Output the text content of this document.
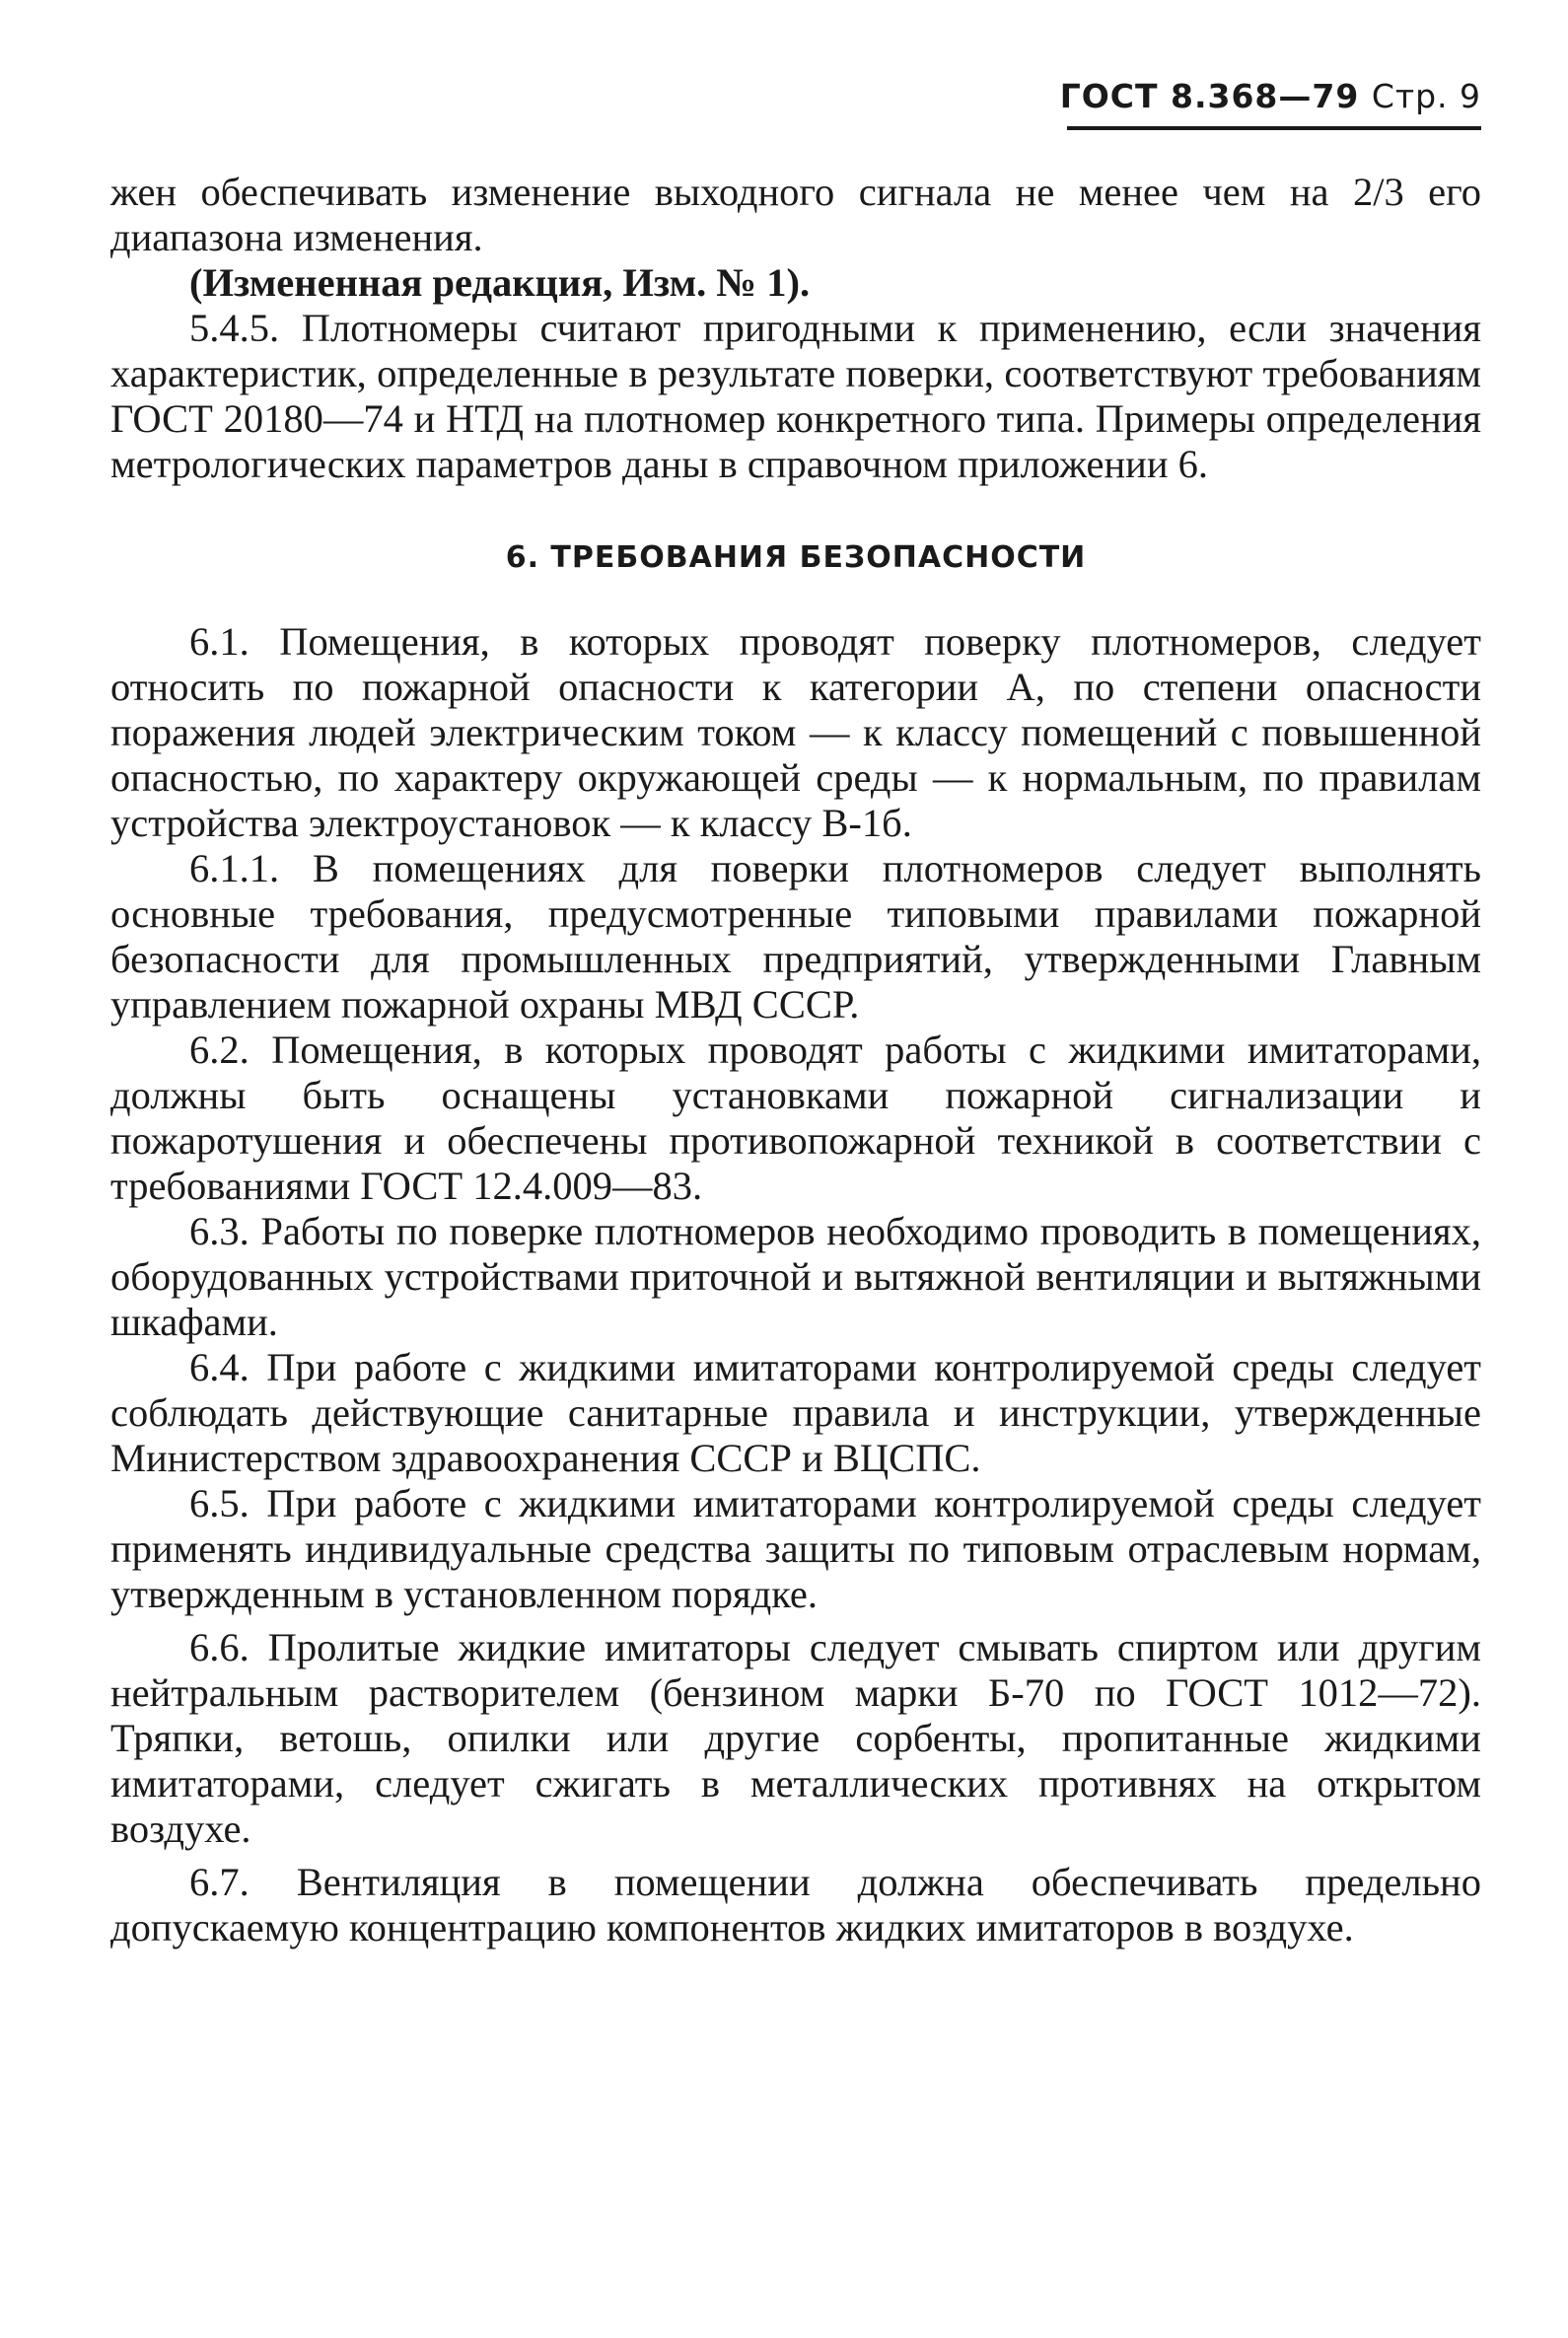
ГОСТ 8.368—79 Стр. 9

жен обеспечивать изменение выходного сигнала не менее чем на 2/3 его диапазона изменения.

(Измененная редакция, Изм. № 1).

5.4.5. Плотномеры считают пригодными к применению, если значения характеристик, определенные в результате поверки, соответствуют требованиям ГОСТ 20180—74 и НТД на плотномер конкретного типа. Примеры определения метрологических параметров даны в справочном приложении 6.

6. ТРЕБОВАНИЯ БЕЗОПАСНОСТИ

6.1. Помещения, в которых проводят поверку плотномеров, следует относить по пожарной опасности к категории А, по степени опасности поражения людей электрическим током — к классу помещений с повышенной опасностью, по характеру окружающей среды — к нормальным, по правилам устройства электроустановок — к классу В-1б.

6.1.1. В помещениях для поверки плотномеров следует выполнять основные требования, предусмотренные типовыми правилами пожарной безопасности для промышленных предприятий, утвержденными Главным управлением пожарной охраны МВД СССР.

6.2. Помещения, в которых проводят работы с жидкими имитаторами, должны быть оснащены установками пожарной сигнализации и пожаротушения и обеспечены противопожарной техникой в соответствии с требованиями ГОСТ 12.4.009—83.

6.3. Работы по поверке плотномеров необходимо проводить в помещениях, оборудованных устройствами приточной и вытяжной вентиляции и вытяжными шкафами.

6.4. При работе с жидкими имитаторами контролируемой среды следует соблюдать действующие санитарные правила и инструкции, утвержденные Министерством здравоохранения СССР и ВЦСПС.

6.5. При работе с жидкими имитаторами контролируемой среды следует применять индивидуальные средства защиты по типовым отраслевым нормам, утвержденным в установленном порядке.

6.6. Пролитые жидкие имитаторы следует смывать спиртом или другим нейтральным растворителем (бензином марки Б-70 по ГОСТ 1012—72). Тряпки, ветошь, опилки или другие сорбенты, пропитанные жидкими имитаторами, следует сжигать в металлических противнях на открытом воздухе.

6.7. Вентиляция в помещении должна обеспечивать предельно допускаемую концентрацию компонентов жидких имитаторов в воздухе.
